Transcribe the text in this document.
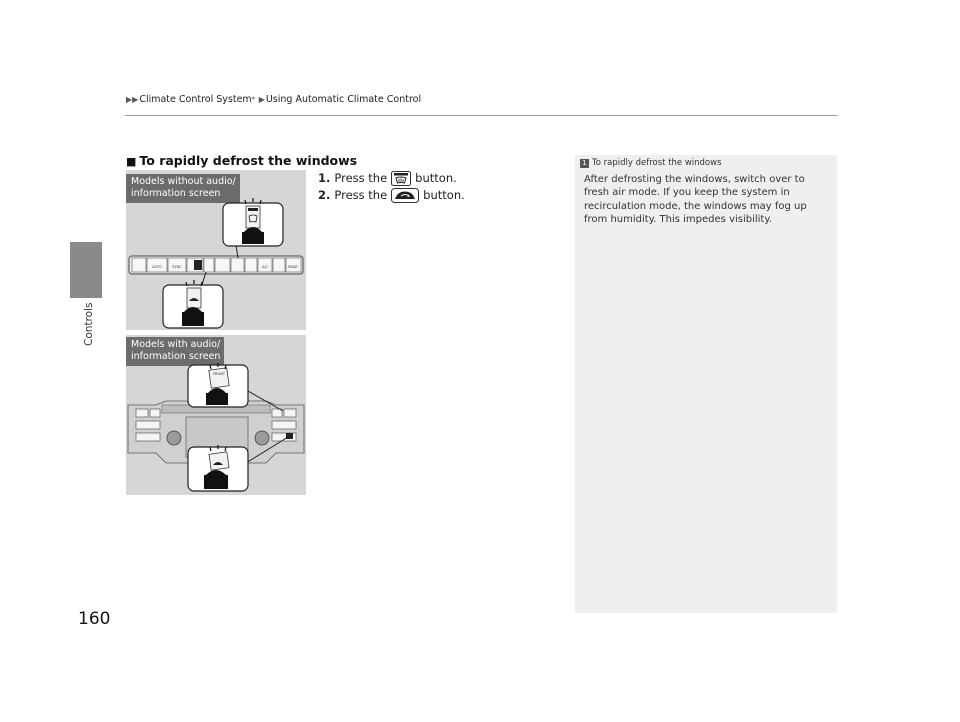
▶▶ Climate Control System * ▶ Using Automatic Climate Control
Controls
160
■ To rapidly defrost the windows
1. Press the button.
2. Press the	button.
Models without audio/
information screen
AUTO	SYNC	A/C	REAR
Models with audio/
information screen
FRONT
1 To rapidly defrost the windows
After defrosting the windows, switch over to fresh air mode. If you keep the system in recirculation mode, the windows may fog up from humidity. This impedes visibility.
